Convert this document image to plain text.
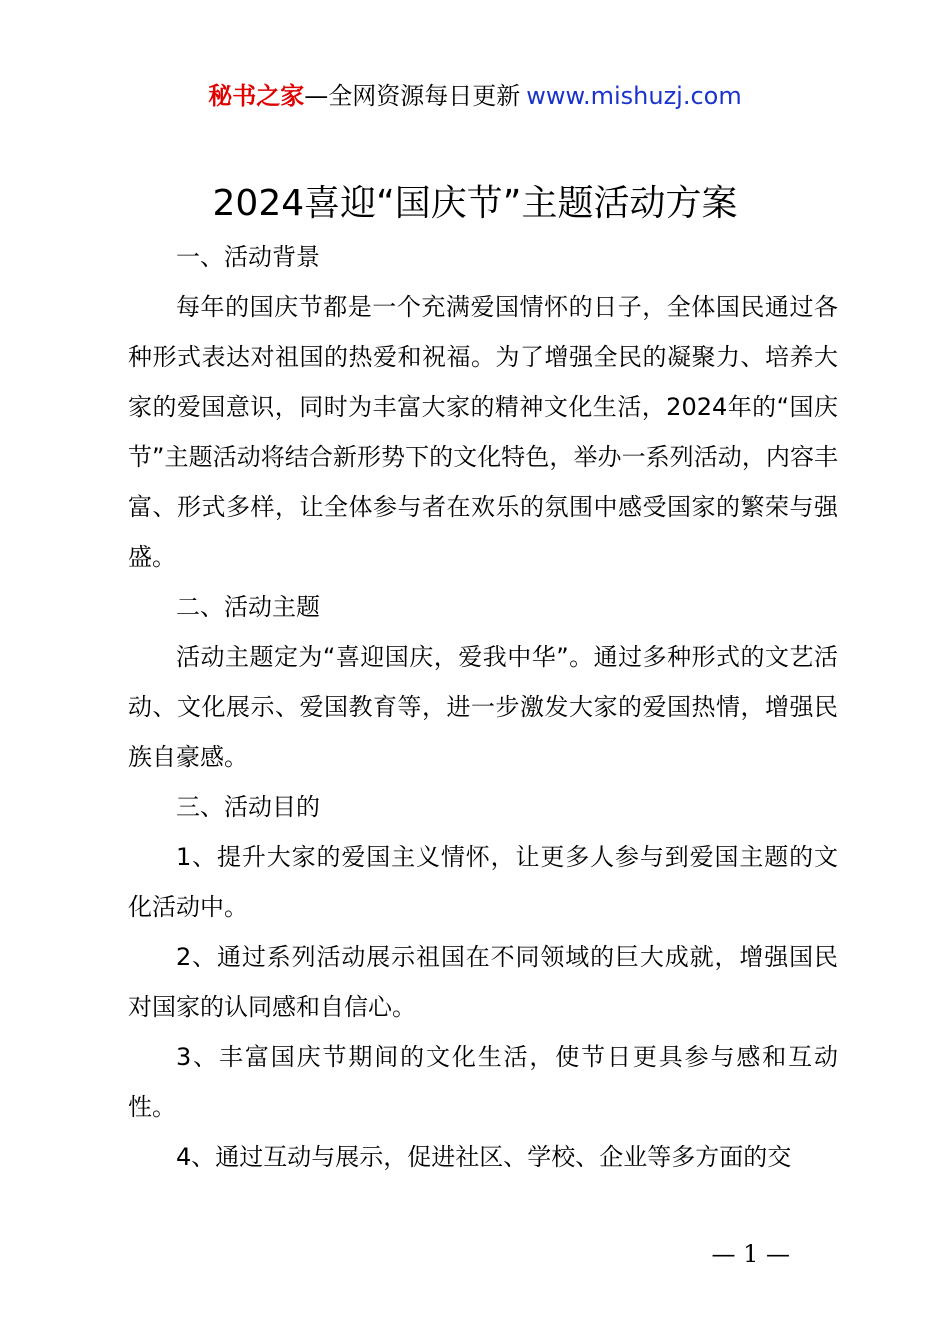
秘书之家—全网资源每日更新 www.mishuzj.com
2024喜迎“国庆节”主题活动方案

一、活动背景

每年的国庆节都是一个充满爱国情怀的日子，全体国民通过各种形式表达对祖国的热爱和祝福。为了增强全民的凝聚力、培养大家的爱国意识，同时为丰富大家的精神文化生活，2024年的“国庆节”主题活动将结合新形势下的文化特色，举办一系列活动，内容丰富、形式多样，让全体参与者在欢乐的氛围中感受国家的繁荣与强盛。

二、活动主题

活动主题定为“喜迎国庆，爱我中华”。通过多种形式的文艺活动、文化展示、爱国教育等，进一步激发大家的爱国热情，增强民族自豪感。

三、活动目的

1、提升大家的爱国主义情怀，让更多人参与到爱国主题的文化活动中。

2、通过系列活动展示祖国在不同领域的巨大成就，增强国民对国家的认同感和自信心。

3、丰富国庆节期间的文化生活，使节日更具参与感和互动性。

4、通过互动与展示，促进社区、学校、企业等多方面的交

— 1 —
